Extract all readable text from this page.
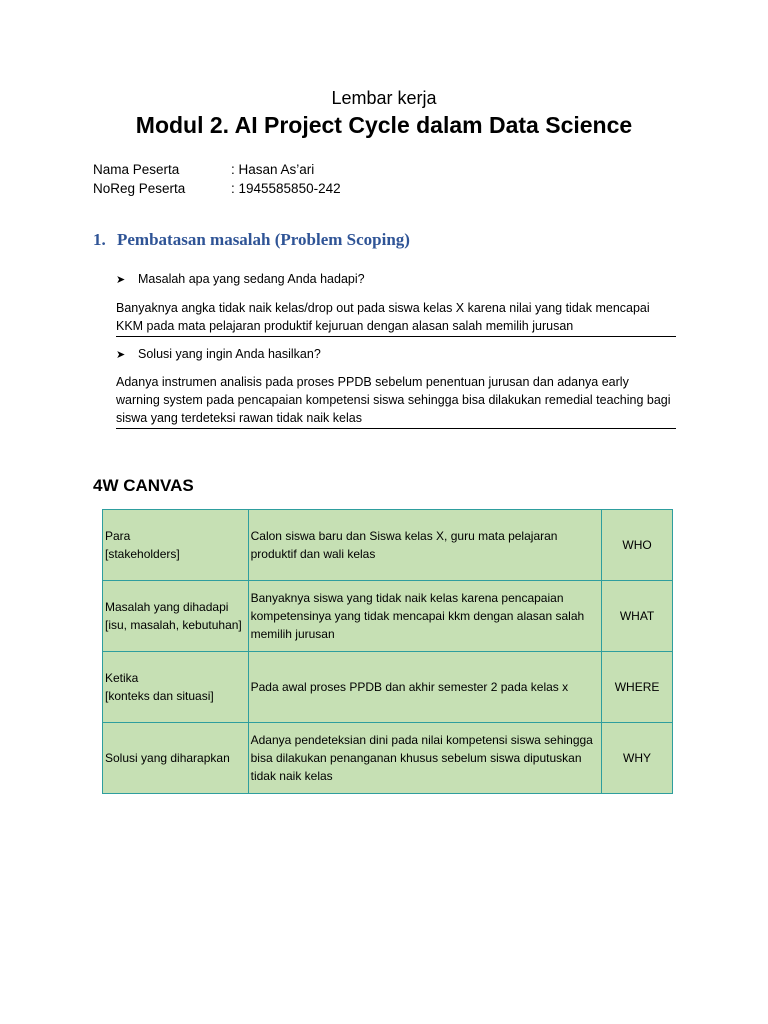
Lembar kerja
Modul 2. AI Project Cycle dalam Data Science
Nama Peserta	: Hasan As’ari
NoReg Peserta	: 1945585850-242
1. Pembatasan masalah (Problem Scoping)
➤ Masalah apa yang sedang Anda hadapi?
Banyaknya angka tidak naik kelas/drop out pada siswa kelas X karena nilai yang tidak mencapai KKM pada mata pelajaran produktif kejuruan dengan alasan salah memilih jurusan
➤ Solusi yang ingin Anda hasilkan?
Adanya instrumen analisis pada proses PPDB sebelum penentuan jurusan dan adanya early warning system pada pencapaian kompetensi siswa sehingga bisa dilakukan remedial teaching bagi siswa yang terdeteksi rawan tidak naik kelas
4W CANVAS
Para
[stakeholders]	Calon siswa baru dan Siswa kelas X, guru mata pelajaran produktif dan wali kelas	WHO
Masalah yang dihadapi
[isu, masalah, kebutuhan]	Banyaknya siswa yang tidak naik kelas karena pencapaian kompetensinya yang tidak mencapai kkm dengan alasan salah memilih jurusan	WHAT
Ketika
[konteks dan situasi]	Pada awal proses PPDB dan akhir semester 2 pada kelas x	WHERE
Solusi yang diharapkan	Adanya pendeteksian dini pada nilai kompetensi siswa sehingga bisa dilakukan penanganan khusus sebelum siswa diputuskan tidak naik kelas	WHY
